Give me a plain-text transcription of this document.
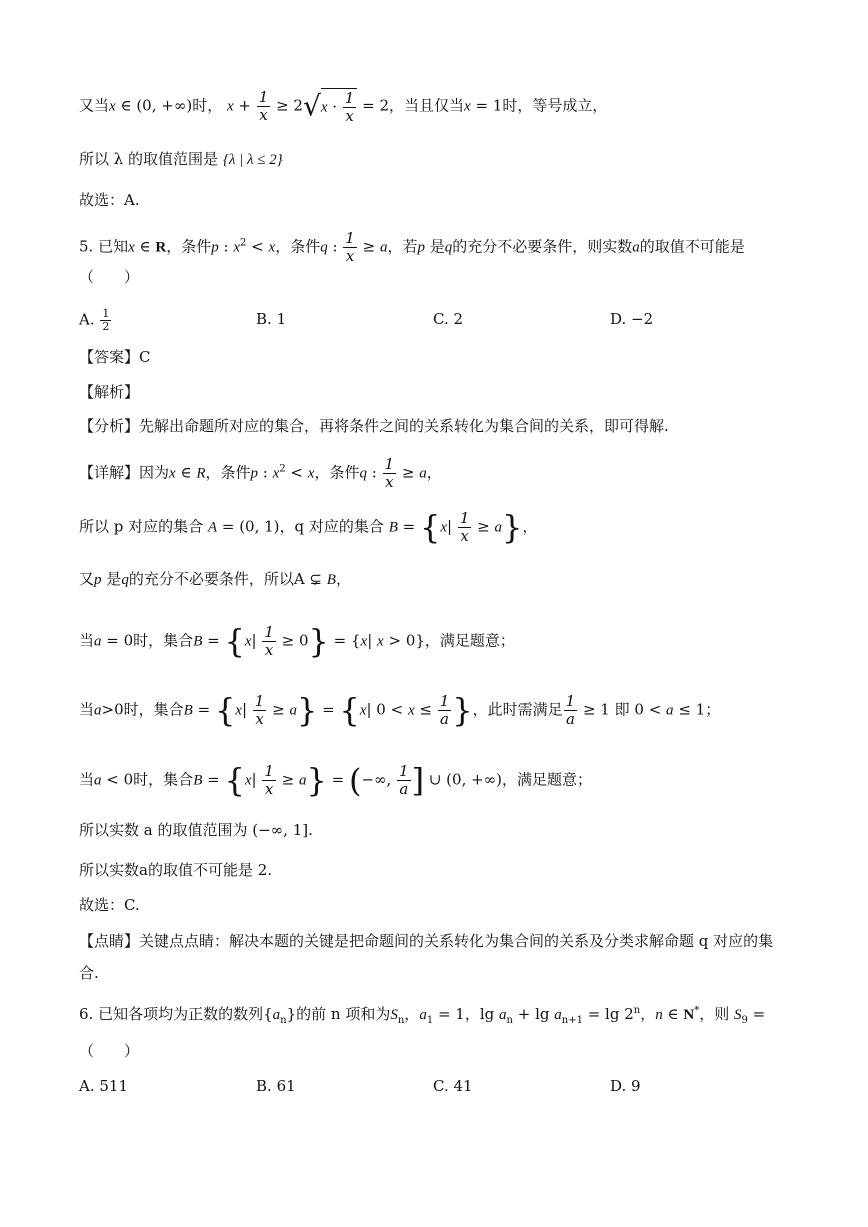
又当x ∈ (0, +∞)时， $x + \frac{1}{x} \ge 2√x \cdot \frac{1}{x} = 2$，当且仅当x = 1时，等号成立，
所以 λ 的取值范围是 {λ | λ ≤ 2}
故选：A.
5. 已知x ∈ R，条件p : $x^2 < x$，条件q : $\frac{1}{x} \ge a$，若p 是q的充分不必要条件，则实数a的取值不可能是
（　　）
A. $\frac{1}{2}$	B. 1	C. 2	D. −2
【答案】C
【解析】
【分析】先解出命题所对应的集合，再将条件之间的关系转化为集合间的关系，即可得解.
【详解】因为x ∈ R，条件p : $x^2 < x$，条件q : $\frac{1}{x} \ge a$，
所以 p 对应的集合 A = (0, 1)，q 对应的集合 $B = \{x| \frac{1}{x} \ge a\}$，
又p 是q的充分不必要条件，所以A ⊊ B，
当a = 0时，集合$B = \{x| \frac{1}{x} \ge 0\} = \{x|$ x > 0}，满足题意；
当a>0时，集合$B = \{x| \frac{1}{x} \ge a\} = \{x|$ $0 < x \le \frac{1}{a}$ }，此时需满足 $\frac{1}{a} \ge 1$ 即 0 < a ≤ 1；
当a < 0时，集合$B = \{x| \frac{1}{x} \ge a\}$ = (−∞, $\frac{1}{a}$ ] ∪ (0, +∞)，满足题意；
所以实数 a 的取值范围为 (−∞, 1].
所以实数a的取值不可能是 2.
故选：C.
【点睛】关键点点睛：解决本题的关键是把命题间的关系转化为集合间的关系及分类求解命题 q 对应的集
合.
6. 已知各项均为正数的数列$\{a_n\}$的前 n 项和为$S_n$，$a_1 = 1$，$\lg a_n + \lg a_{n+1} = \lg 2^n$，n ∈ N*，则 $S_9$ =
（　　）
A. 511	B. 61	C. 41	D. 9
